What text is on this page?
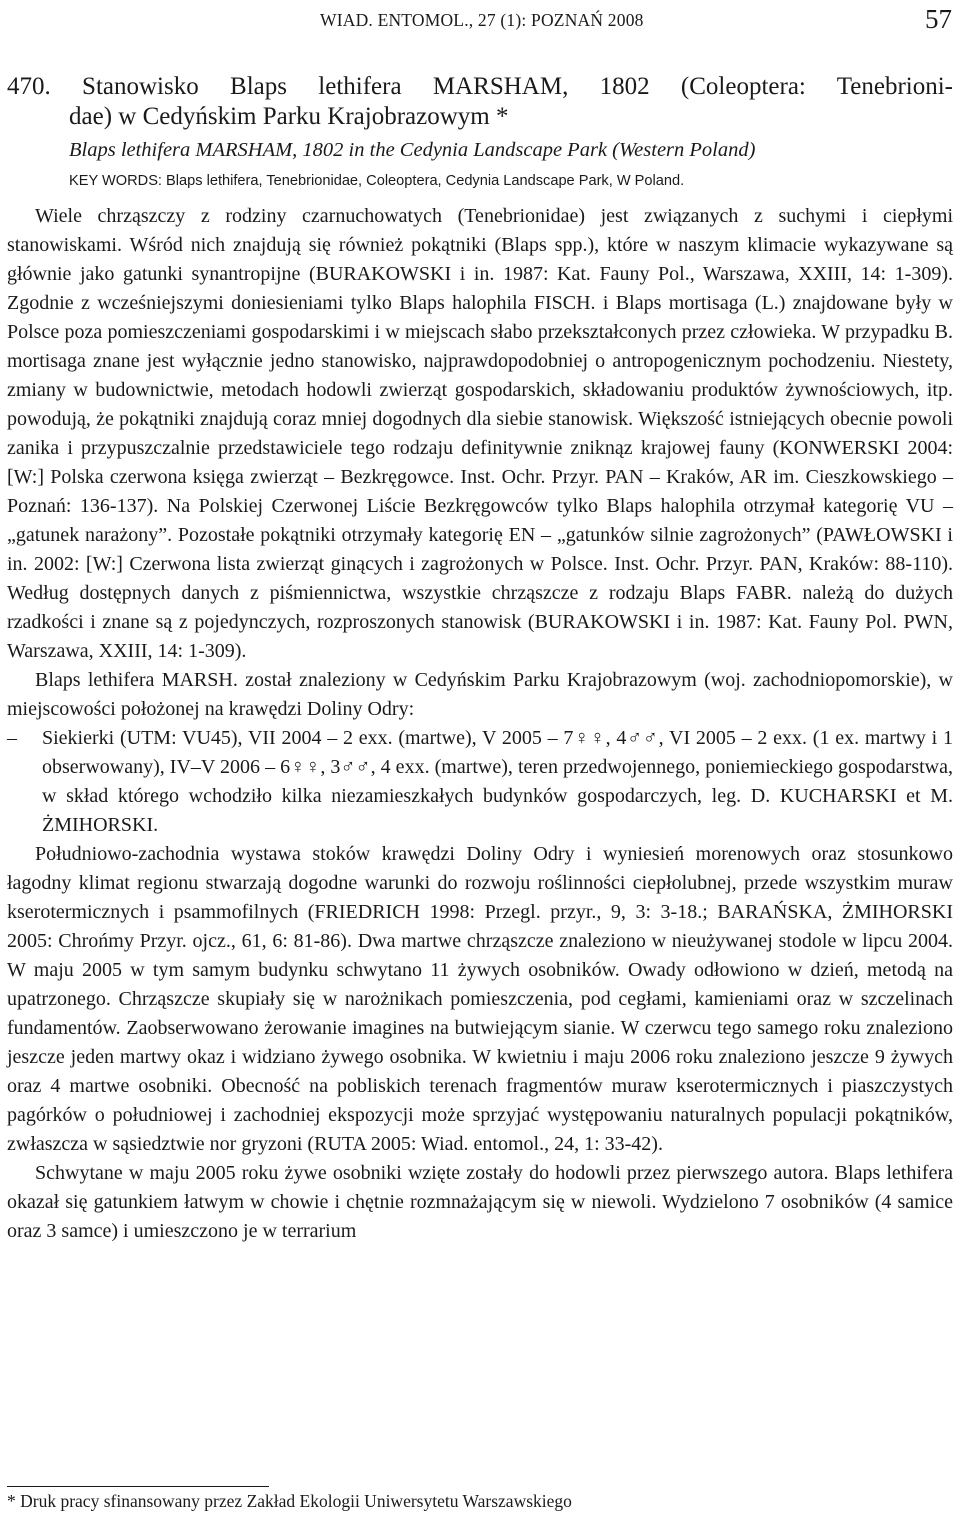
WIAD. ENTOMOL., 27 (1): POZNAŃ 2008	57
470. Stanowisko Blaps lethifera MARSHAM, 1802 (Coleoptera: Tenebrioni-
dae) w Cedyńskim Parku Krajobrazowym *
Blaps lethifera MARSHAM, 1802 in the Cedynia Landscape Park (Western Poland)
KEY WORDS: Blaps lethifera, Tenebrionidae, Coleoptera, Cedynia Landscape Park, W Poland.

Wiele chrząszczy z rodziny czarnuchowatych (Tenebrionidae) jest związanych z suchymi i ciepłymi stanowiskami. Wśród nich znajdują się również pokątniki (Blaps spp.), które w naszym klimacie wykazywane są głównie jako gatunki synantropijne (BURAKOWSKI i in. 1987: Kat. Fauny Pol., Warszawa, XXIII, 14: 1-309). Zgodnie z wcześniejszymi doniesieniami tylko Blaps halophila FISCH. i Blaps mortisaga (L.) znajdowane były w Polsce poza pomieszczeniami gospodarskimi i w miejscach słabo przekształconych przez człowieka. W przypadku B. mortisaga znane jest wyłącznie jedno stanowisko, najprawdopodobniej o antropogenicznym pochodzeniu. Niestety, zmiany w budownictwie, metodach hodowli zwierząt gospodarskich, składowaniu produktów żywnościowych, itp. powodują, że pokątniki znajdują coraz mniej dogodnych dla siebie stanowisk. Większość istniejących obecnie powoli zanika i przypuszczalnie przedstawiciele tego rodzaju definitywnie zniknąz krajowej fauny (KONWERSKI 2004: [W:] Polska czerwona księga zwierząt – Bezkręgowce. Inst. Ochr. Przyr. PAN – Kraków, AR im. Cieszkowskiego – Poznań: 136-137). Na Polskiej Czerwonej Liście Bezkręgowców tylko Blaps halophila otrzymał kategorię VU – „gatunek narażony”. Pozostałe pokątniki otrzymały kategorię EN – „gatunków silnie zagrożonych” (PAWŁOWSKI i in. 2002: [W:] Czerwona lista zwierząt ginących i zagrożonych w Polsce. Inst. Ochr. Przyr. PAN, Kraków: 88-110). Według dostępnych danych z piśmiennictwa, wszystkie chrząszcze z rodzaju Blaps FABR. należą do dużych rzadkości i znane są z pojedynczych, rozproszonych stanowisk (BURAKOWSKI i in. 1987: Kat. Fauny Pol. PWN, Warszawa, XXIII, 14: 1-309).

Blaps lethifera MARSH. został znaleziony w Cedyńskim Parku Krajobrazowym (woj. zachodniopomorskie), w miejscowości położonej na krawędzi Doliny Odry:

– Siekierki (UTM: VU45), VII 2004 – 2 exx. (martwe), V 2005 – 7♀♀, 4♂♂, VI 2005 – 2 exx. (1 ex. martwy i 1 obserwowany), IV–V 2006 – 6♀♀, 3♂♂, 4 exx. (martwe), teren przedwojennego, poniemieckiego gospodarstwa, w skład którego wchodziło kilka niezamieszkałych budynków gospodarczych, leg. D. KUCHARSKI et M. ŻMIHORSKI.

Południowo-zachodnia wystawa stoków krawędzi Doliny Odry i wyniesień morenowych oraz stosunkowo łagodny klimat regionu stwarzają dogodne warunki do rozwoju roślinności ciepłolubnej, przede wszystkim muraw kserotermicznych i psammofilnych (FRIEDRICH 1998: Przegl. przyr., 9, 3: 3-18.; BARAŃSKA, ŻMIHORSKI 2005: Chrońmy Przyr. ojcz., 61, 6: 81-86). Dwa martwe chrząszcze znaleziono w nieużywanej stodole w lipcu 2004. W maju 2005 w tym samym budynku schwytano 11 żywych osobników. Owady odłowiono w dzień, metodą na upatrzonego. Chrząszcze skupiały się w narożnikach pomieszczenia, pod cegłami, kamieniami oraz w szczelinach fundamentów. Zaobserwowano żerowanie imagines na butwiejącym sianie. W czerwcu tego samego roku znaleziono jeszcze jeden martwy okaz i widziano żywego osobnika. W kwietniu i maju 2006 roku znaleziono jeszcze 9 żywych oraz 4 martwe osobniki. Obecność na pobliskich terenach fragmentów muraw kserotermicznych i piaszczystych pagórków o południowej i zachodniej ekspozycji może sprzyjać występowaniu naturalnych populacji pokątników, zwłaszcza w sąsiedztwie nor gryzoni (RUTA 2005: Wiad. entomol., 24, 1: 33-42).

Schwytane w maju 2005 roku żywe osobniki wzięte zostały do hodowli przez pierwszego autora. Blaps lethifera okazał się gatunkiem łatwym w chowie i chętnie rozmnażającym się w niewoli. Wydzielono 7 osobników (4 samice oraz 3 samce) i umieszczono je w terrarium

* Druk pracy sfinansowany przez Zakład Ekologii Uniwersytetu Warszawskiego
